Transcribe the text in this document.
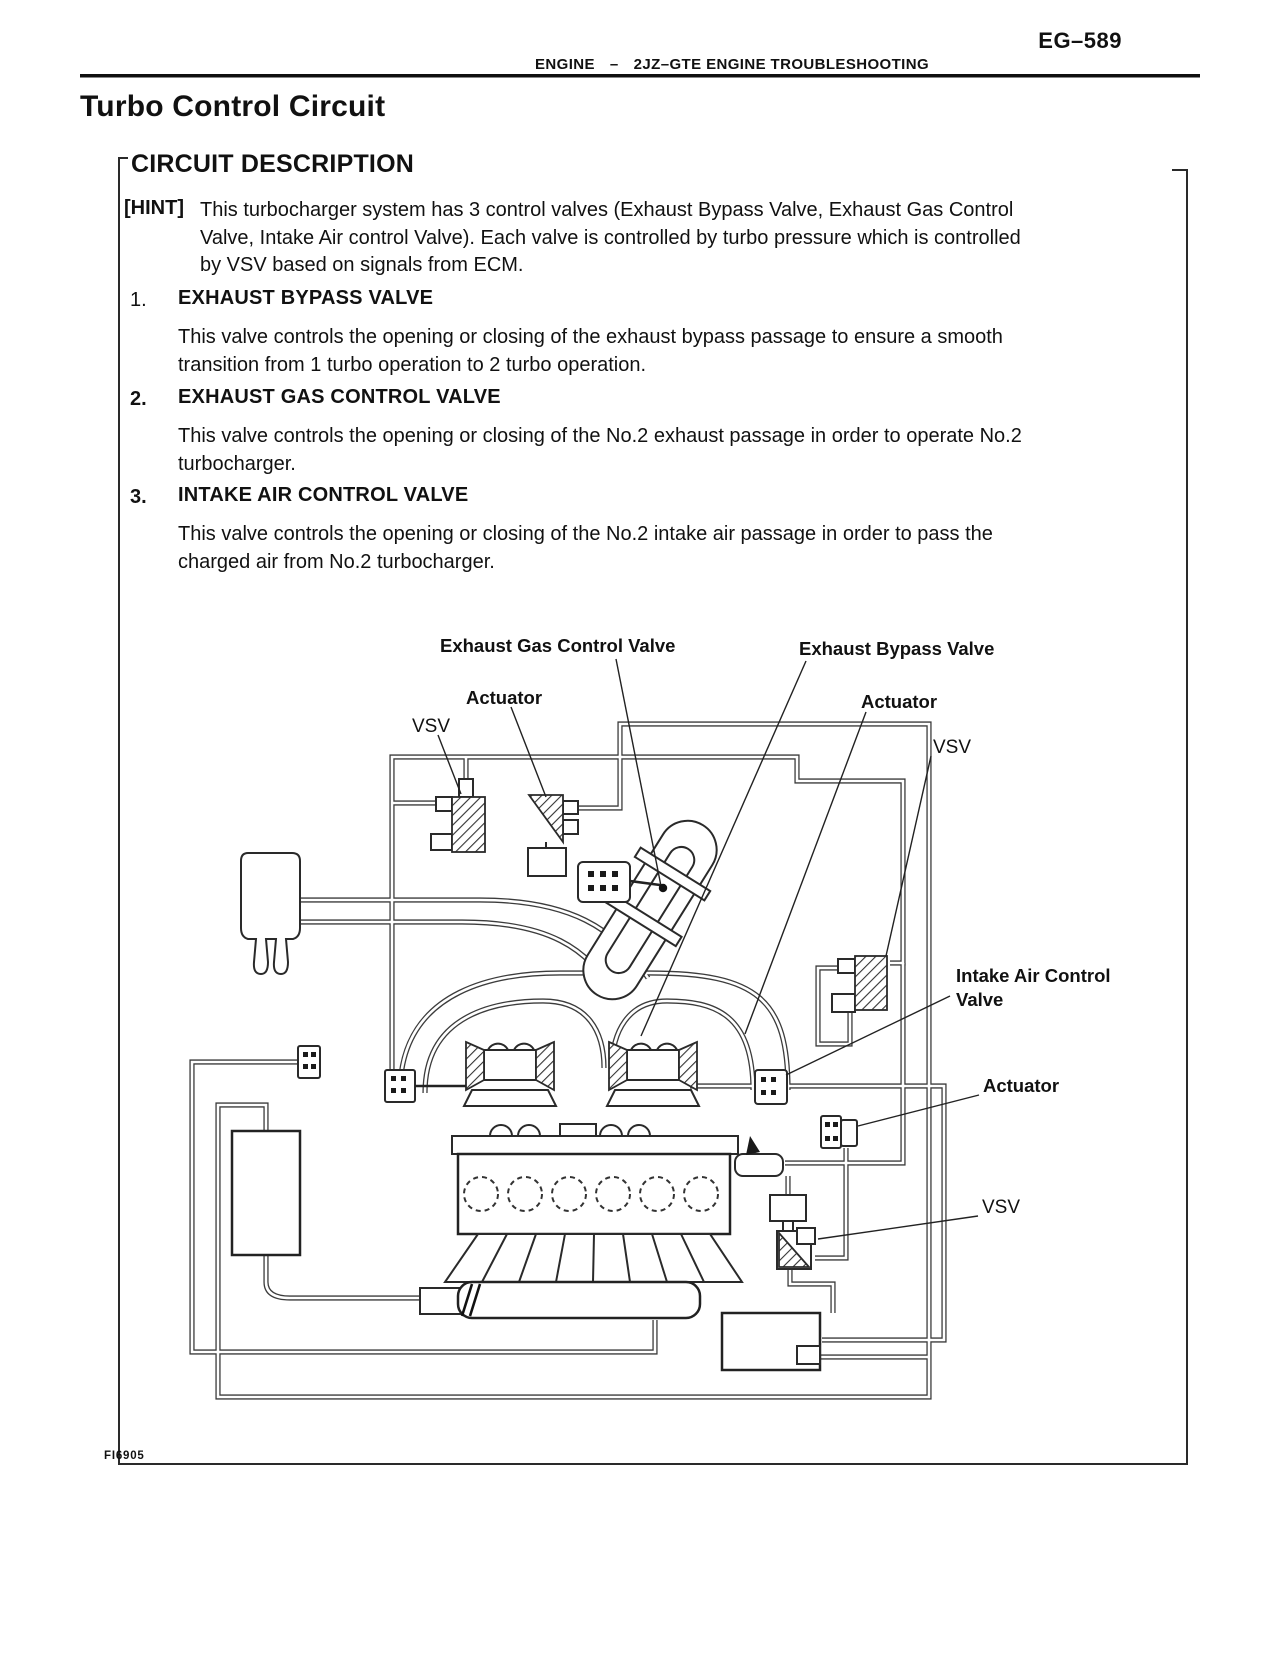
EG–589
ENGINE – 2JZ–GTE ENGINE TROUBLESHOOTING
Turbo Control Circuit
CIRCUIT DESCRIPTION
[HINT] This turbocharger system has 3 control valves (Exhaust Bypass Valve, Exhaust Gas Control
Valve, Intake Air control Valve). Each valve is controlled by turbo pressure which is controlled
by VSV based on signals from ECM.
1. EXHAUST BYPASS VALVE
This valve controls the opening or closing of the exhaust bypass passage to ensure a smooth
transition from 1 turbo operation to 2 turbo operation.
2. EXHAUST GAS CONTROL VALVE
This valve controls the opening or closing of the No.2 exhaust passage in order to operate No.2
turbocharger.
3. INTAKE AIR CONTROL VALVE
This valve controls the opening or closing of the No.2 intake air passage in order to pass the
charged air from No.2 turbocharger.
Exhaust Gas Control Valve	Exhaust Bypass Valve
Actuator	Actuator
VSV
VSV
Intake Air Control
Valve
Actuator
VSV
FI6905
